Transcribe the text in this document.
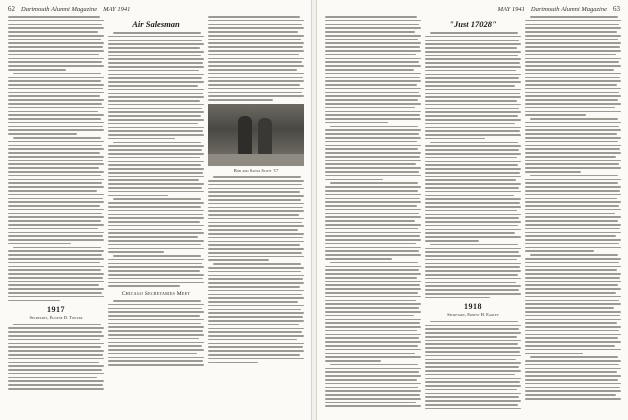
62 Dartmouth Alumni Magazine MAY 1941
1917
Secretary, Eugene D. Towler
Air Salesman
Chicago Secretaries Meet
Bob and Santa Scott '17
MAY 1941 Dartmouth Alumni Magazine 63
"Just 17028"
1918
Secretary, Ernest H. Earley
